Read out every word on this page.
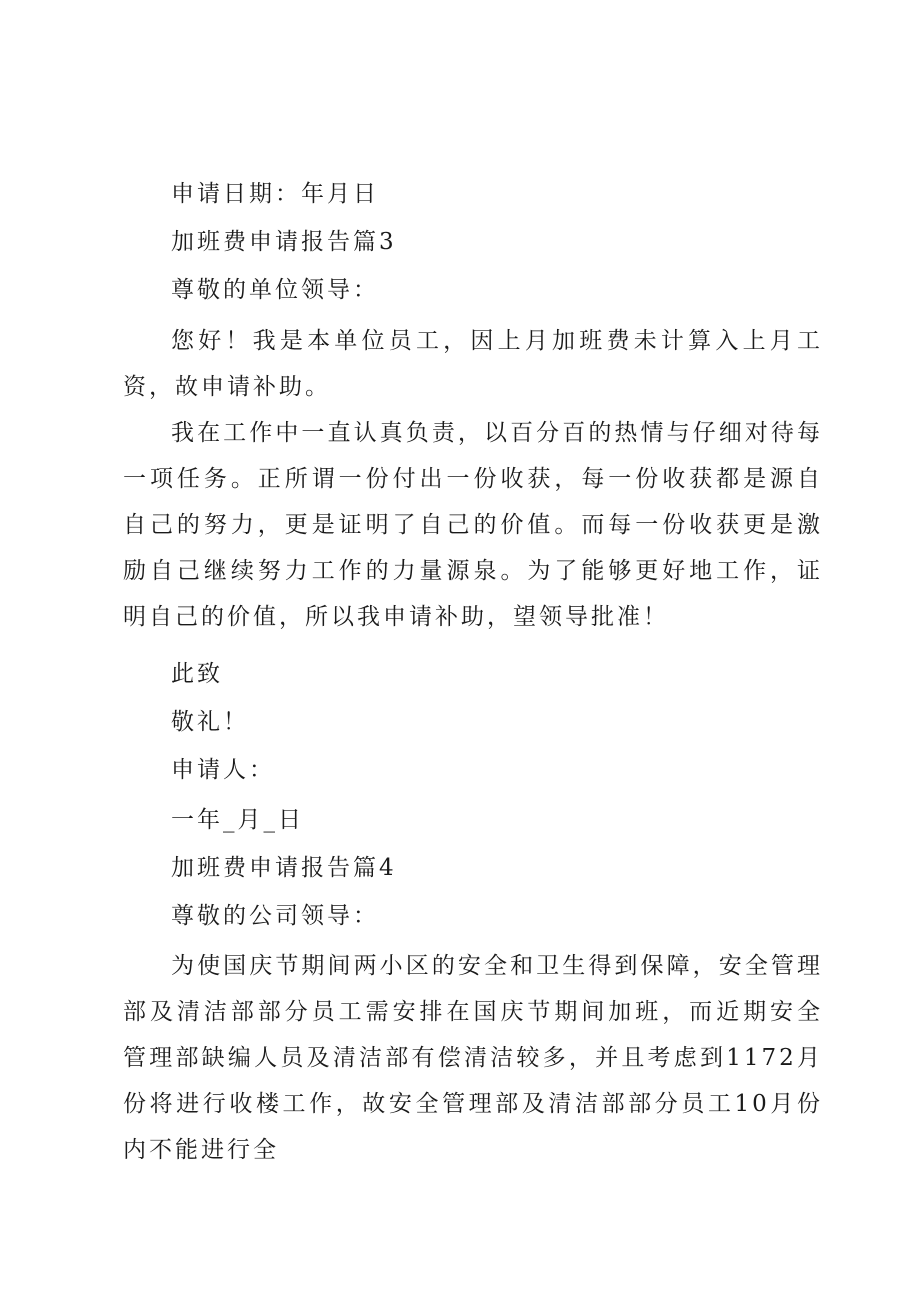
申请日期：年月日

加班费申请报告篇3

尊敬的单位领导：

您好！我是本单位员工，因上月加班费未计算入上月工资，故申请补助。

我在工作中一直认真负责，以百分百的热情与仔细对待每一项任务。正所谓一份付出一份收获，每一份收获都是源自自己的努力，更是证明了自己的价值。而每一份收获更是激励自己继续努力工作的力量源泉。为了能够更好地工作，证明自己的价值，所以我申请补助，望领导批准！

此致

敬礼！

申请人：

一年_月_日

加班费申请报告篇4

尊敬的公司领导：

为使国庆节期间两小区的安全和卫生得到保障，安全管理部及清洁部部分员工需安排在国庆节期间加班，而近期安全管理部缺编人员及清洁部有偿清洁较多，并且考虑到1172月份将进行收楼工作，故安全管理部及清洁部部分员工10月份内不能进行全
